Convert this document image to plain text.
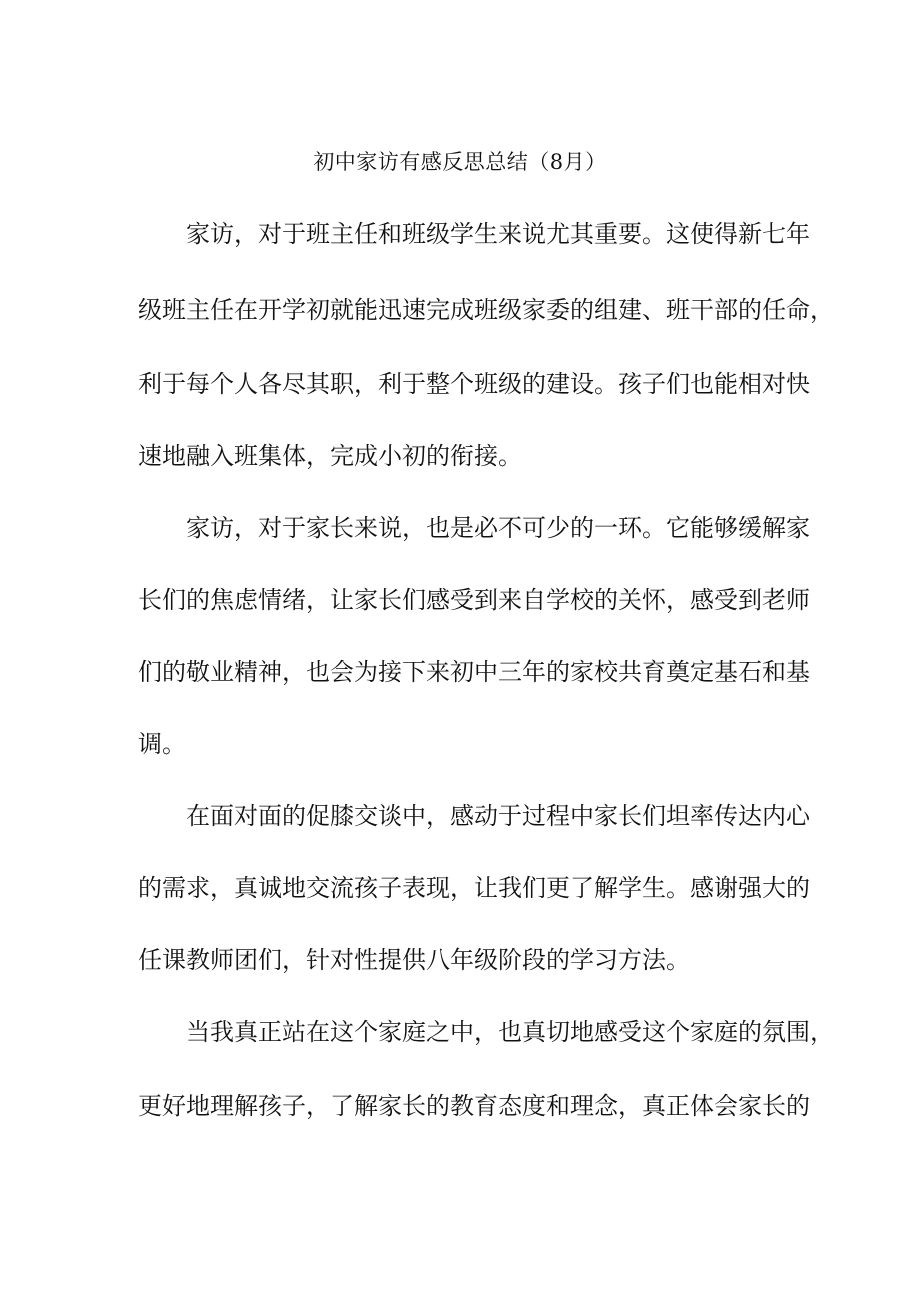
初中家访有感反思总结（8月）
家访，对于班主任和班级学生来说尤其重要。这使得新七年
级班主任在开学初就能迅速完成班级家委的组建、班干部的任命，
利于每个人各尽其职，利于整个班级的建设。孩子们也能相对快
速地融入班集体，完成小初的衔接。
家访，对于家长来说，也是必不可少的一环。它能够缓解家
长们的焦虑情绪，让家长们感受到来自学校的关怀，感受到老师
们的敬业精神，也会为接下来初中三年的家校共育奠定基石和基
调。
在面对面的促膝交谈中，感动于过程中家长们坦率传达内心
的需求，真诚地交流孩子表现，让我们更了解学生。感谢强大的
任课教师团们，针对性提供八年级阶段的学习方法。
当我真正站在这个家庭之中，也真切地感受这个家庭的氛围，
更好地理解孩子，了解家长的教育态度和理念，真正体会家长的
